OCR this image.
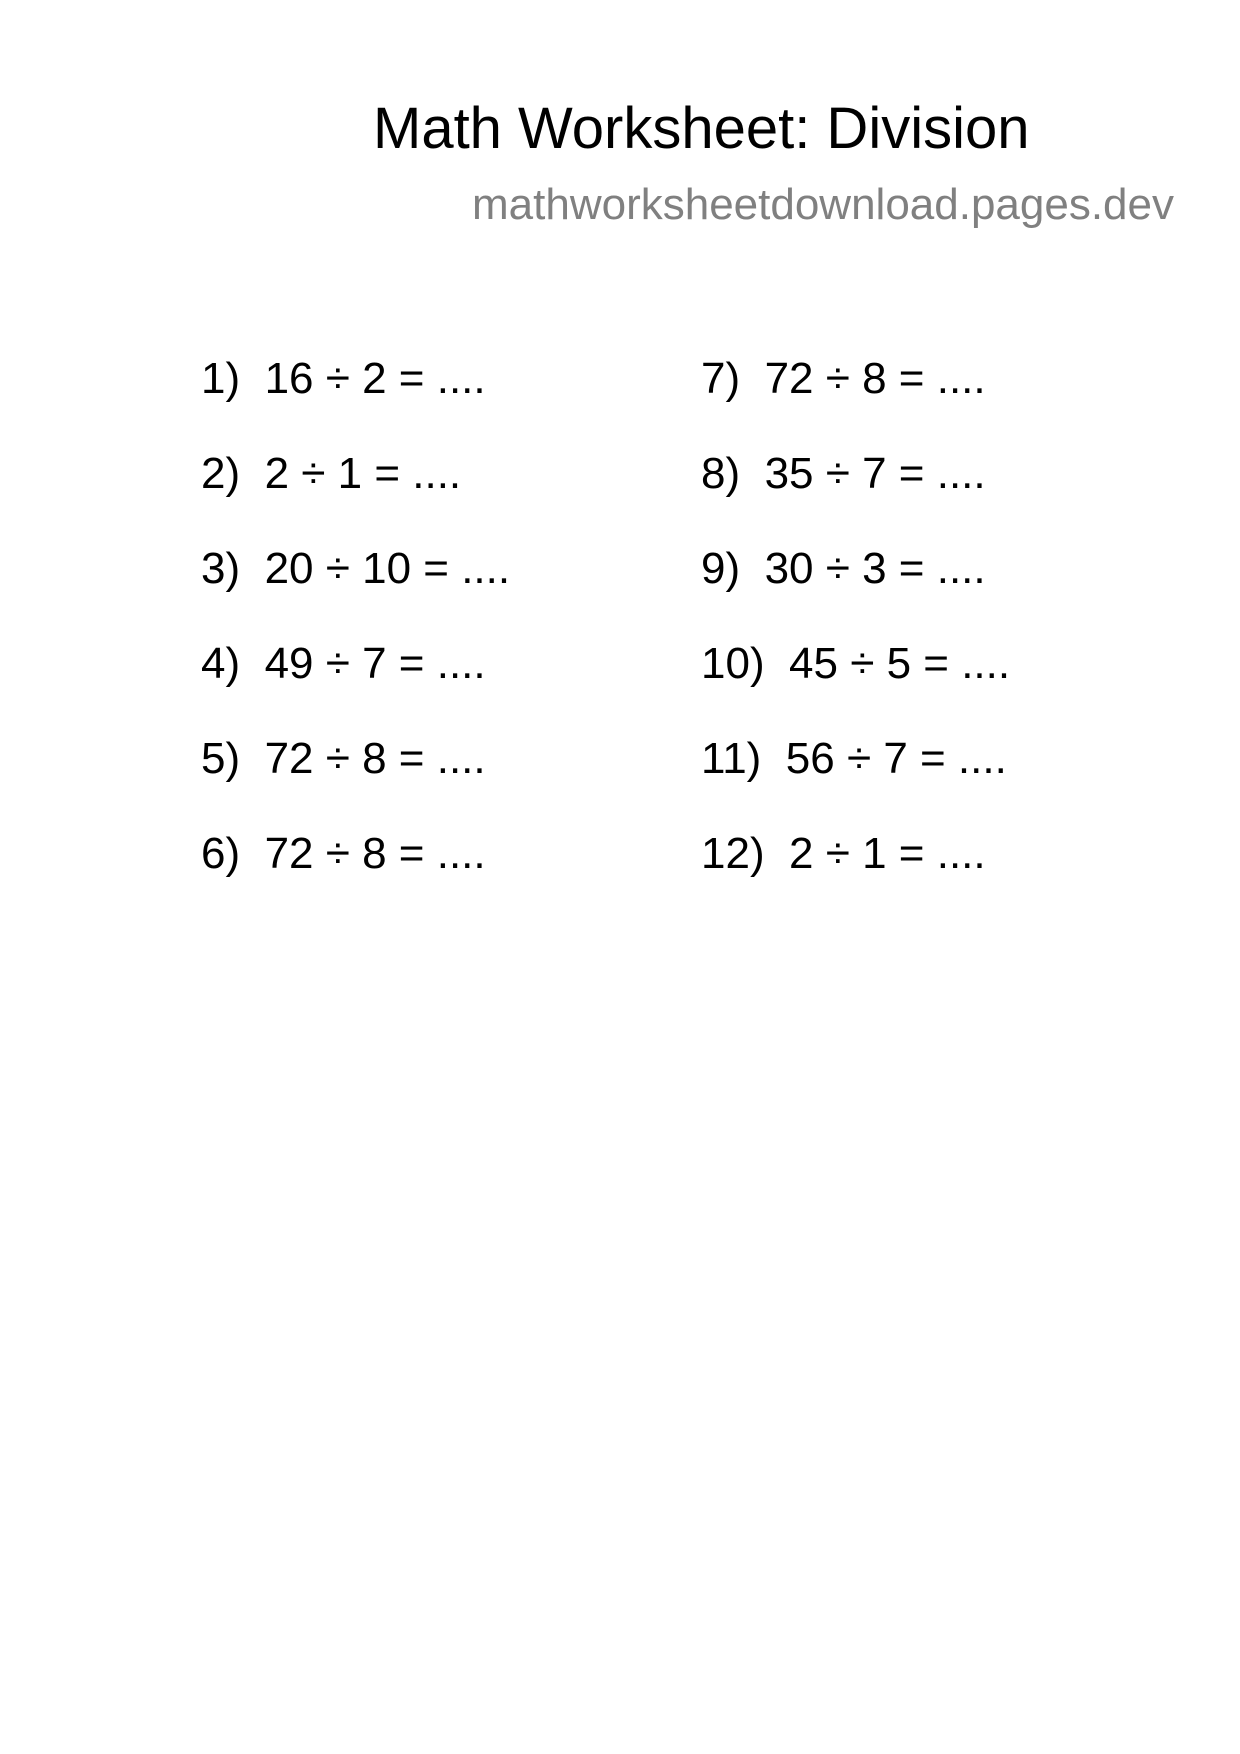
Math Worksheet: Division
mathworksheetdownload.pages.dev
1)  16 ÷ 2 = ....
2)  2 ÷ 1 = ....
3)  20 ÷ 10 = ....
4)  49 ÷ 7 = ....
5)  72 ÷ 8 = ....
6)  72 ÷ 8 = ....
7)  72 ÷ 8 = ....
8)  35 ÷ 7 = ....
9)  30 ÷ 3 = ....
10)  45 ÷ 5 = ....
11)  56 ÷ 7 = ....
12)  2 ÷ 1 = ....
